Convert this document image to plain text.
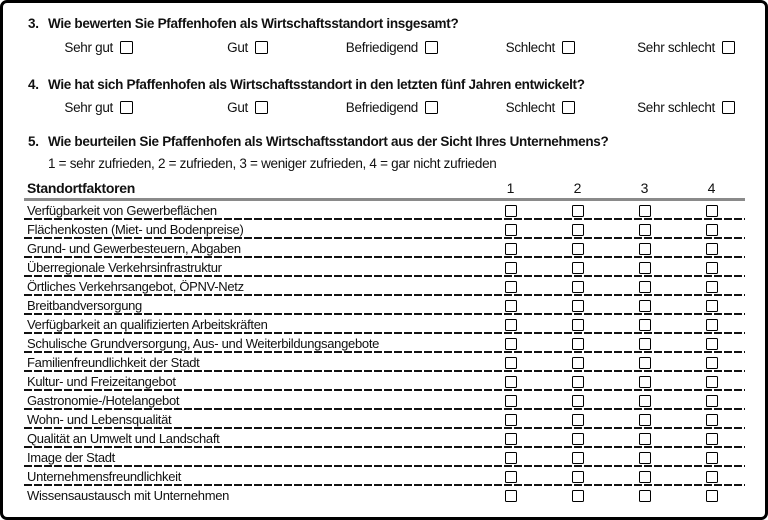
3. Wie bewerten Sie Pfaffenhofen als Wirtschaftsstandort insgesamt?
Sehr gut	Gut	Befriedigend	Schlecht	Sehr schlecht
4. Wie hat sich Pfaffenhofen als Wirtschaftsstandort in den letzten fünf Jahren entwickelt?
Sehr gut	Gut	Befriedigend	Schlecht	Sehr schlecht
5. Wie beurteilen Sie Pfaffenhofen als Wirtschaftsstandort aus der Sicht Ihres Unternehmens?
1 = sehr zufrieden, 2 = zufrieden, 3 = weniger zufrieden, 4 = gar nicht zufrieden
Standortfaktoren	1	2	3	4
Verfügbarkeit von Gewerbeflächen
Flächenkosten (Miet- und Bodenpreise)
Grund- und Gewerbesteuern, Abgaben
Überregionale Verkehrsinfrastruktur
Örtliches Verkehrsangebot, ÖPNV-Netz
Breitbandversorgung
Verfügbarkeit an qualifizierten Arbeitskräften
Schulische Grundversorgung, Aus- und Weiterbildungsangebote
Familienfreundlichkeit der Stadt
Kultur- und Freizeitangebot
Gastronomie-/Hotelangebot
Wohn- und Lebensqualität
Qualität an Umwelt und Landschaft
Image der Stadt
Unternehmensfreundlichkeit
Wissensaustausch mit Unternehmen
